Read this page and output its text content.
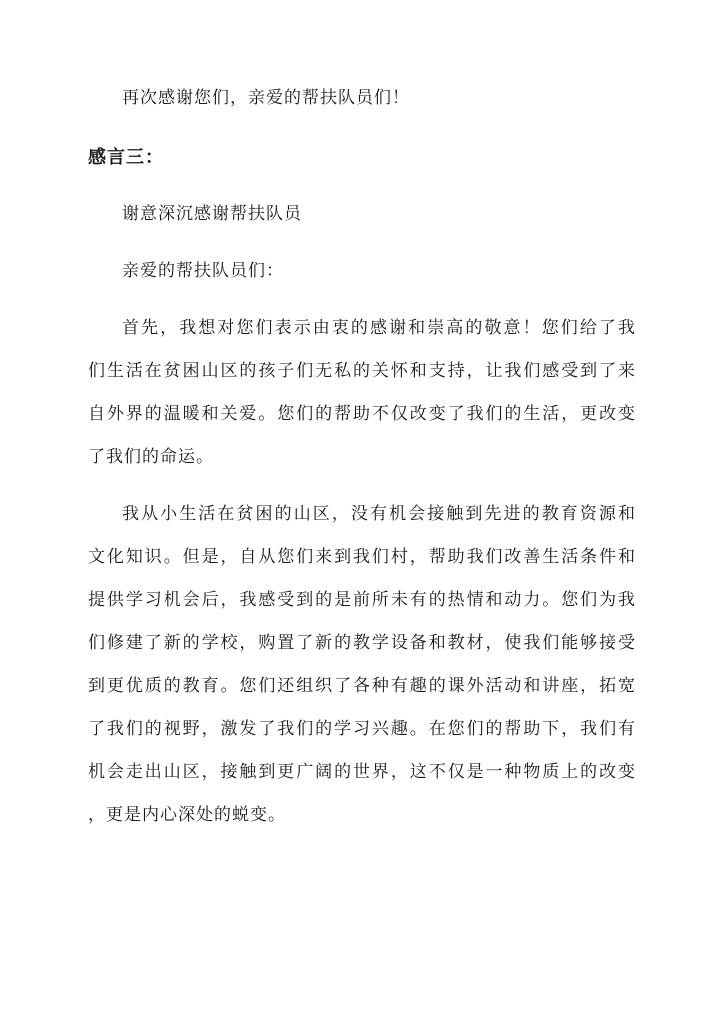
再次感谢您们，亲爱的帮扶队员们！
感言三：
谢意深沉感谢帮扶队员
亲爱的帮扶队员们：
首先，我想对您们表示由衷的感谢和崇高的敬意！您们给了我
们生活在贫困山区的孩子们无私的关怀和支持，让我们感受到了来
自外界的温暖和关爱。您们的帮助不仅改变了我们的生活，更改变
了我们的命运。
我从小生活在贫困的山区，没有机会接触到先进的教育资源和
文化知识。但是，自从您们来到我们村，帮助我们改善生活条件和
提供学习机会后，我感受到的是前所未有的热情和动力。您们为我
们修建了新的学校，购置了新的教学设备和教材，使我们能够接受
到更优质的教育。您们还组织了各种有趣的课外活动和讲座，拓宽
了我们的视野，激发了我们的学习兴趣。在您们的帮助下，我们有
机会走出山区，接触到更广阔的世界，这不仅是一种物质上的改变
，更是内心深处的蜕变。
